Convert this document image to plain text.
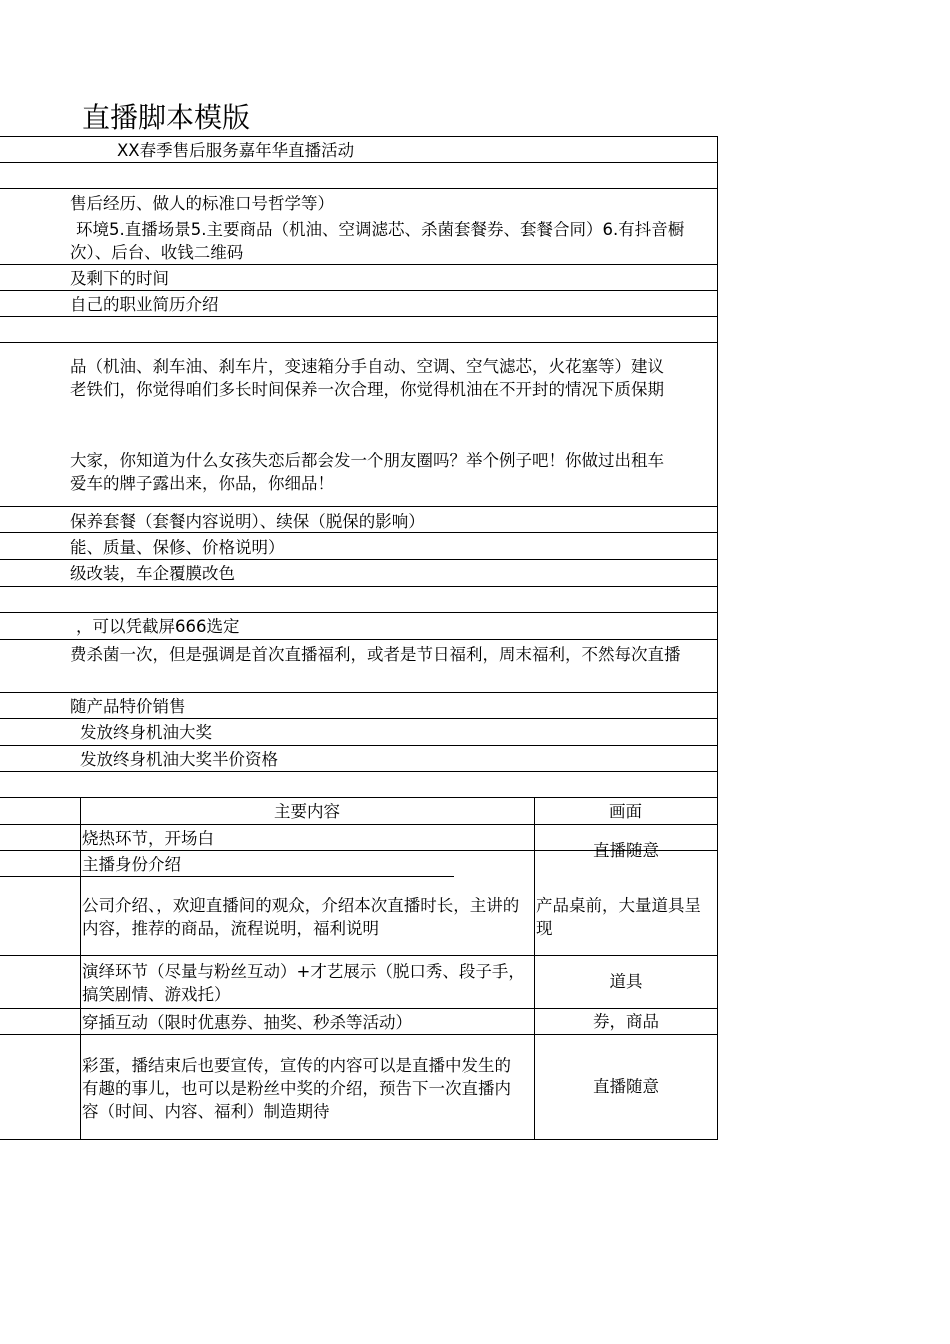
直播脚本模版
XX春季售后服务嘉年华直播活动
售后经历、做人的标准口号哲学等）
环境5.直播场景5.主要商品（机油、空调滤芯、杀菌套餐券、套餐合同）6.有抖音橱
次）、后台、收钱二维码
及剩下的时间
自己的职业简历介绍
品（机油、刹车油、刹车片，变速箱分手自动、空调、空气滤芯，火花塞等）建议
老铁们，你觉得咱们多长时间保养一次合理，你觉得机油在不开封的情况下质保期
大家，你知道为什么女孩失恋后都会发一个朋友圈吗？举个例子吧！你做过出租车
爱车的牌子露出来，你品，你细品！
保养套餐（套餐内容说明）、续保（脱保的影响）
能、质量、保修、价格说明）
级改装，车企覆膜改色
，可以凭截屏666选定
费杀菌一次，但是强调是首次直播福利，或者是节日福利，周末福利，不然每次直播
随产品特价销售
发放终身机油大奖
发放终身机油大奖半价资格
主要内容	画面
烧热环节，开场白
主播身份介绍
公司介绍、，欢迎直播间的观众，介绍本次直播时长，主讲的内容，推荐的商品，流程说明，福利说明
演绎环节（尽量与粉丝互动）+才艺展示（脱口秀、段子手，搞笑剧情、游戏托）
穿插互动（限时优惠券、抽奖、秒杀等活动）
彩蛋，播结束后也要宣传，宣传的内容可以是直播中发生的有趣的事儿，也可以是粉丝中奖的介绍，预告下一次直播内容（时间、内容、福利）制造期待
直播随意
产品桌前，大量道具呈现
道具
券，商品
直播随意
